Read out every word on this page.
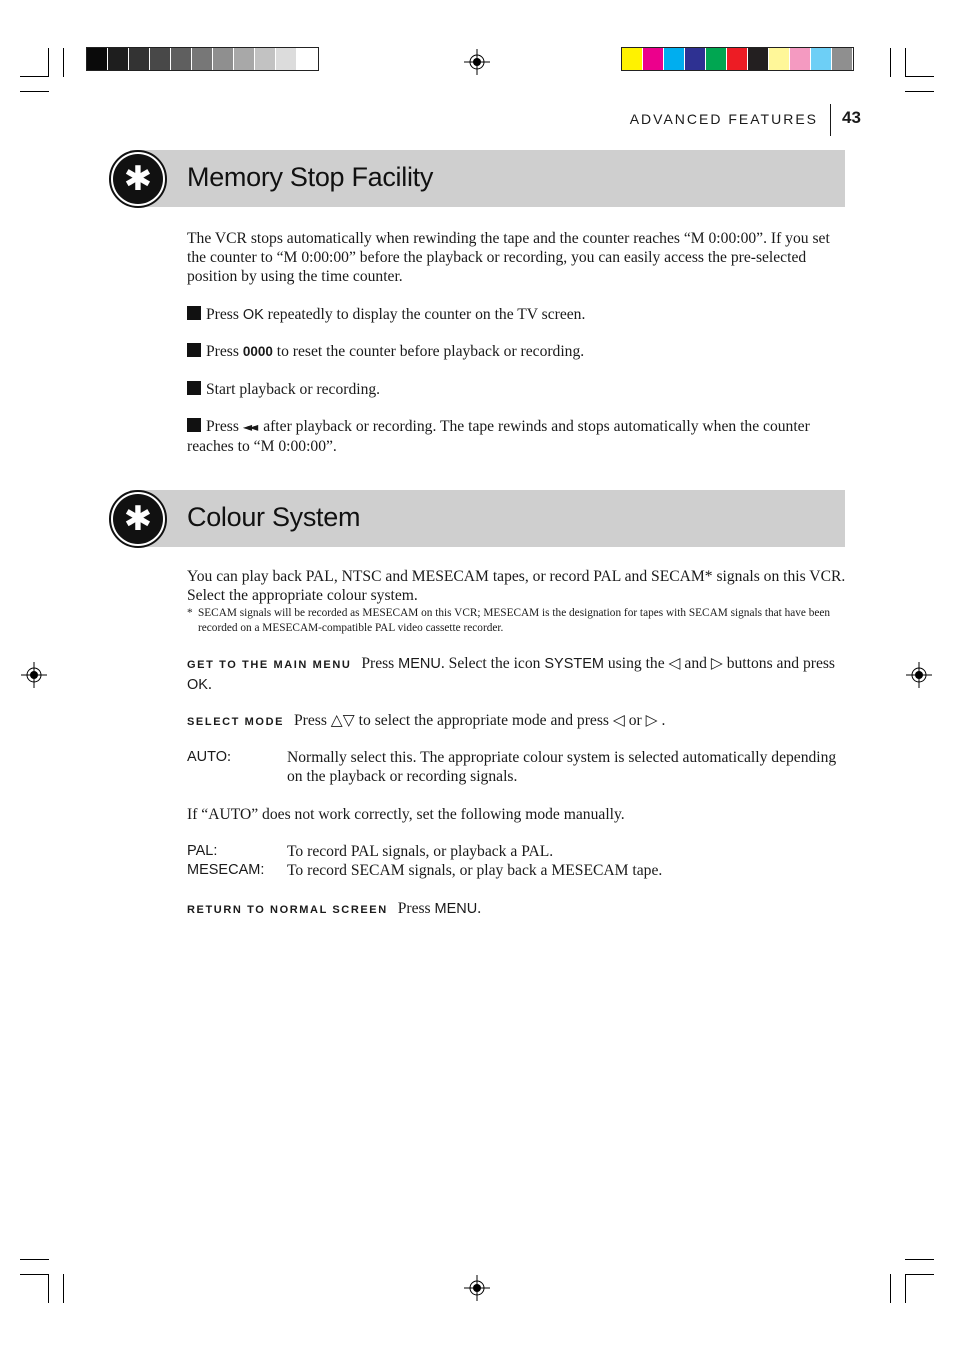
ADVANCED FEATURES 43
Memory Stop Facility
✱
The VCR stops automatically when rewinding the tape and the counter reaches “M 0:00:00”. If you set the counter to “M 0:00:00” before the playback or recording, you can easily access the pre-selected position by using the time counter.
Press OK repeatedly to display the counter on the TV screen.
Press 0000 to reset the counter before playback or recording.
Start playback or recording.
Press ◄◄ after playback or recording. The tape rewinds and stops automatically when the counter reaches to “M 0:00:00”.
Colour System
✱
You can play back PAL, NTSC and MESECAM tapes, or record PAL and SECAM* signals on this VCR. Select the appropriate colour system.
* SECAM signals will be recorded as MESECAM on this VCR; MESECAM is the designation for tapes with SECAM signals that have been recorded on a MESECAM-compatible PAL video cassette recorder.
GET TO THE MAIN MENU Press MENU. Select the icon SYSTEM using the ◁ and ▷ buttons and press OK.
SELECT MODE Press △▽ to select the appropriate mode and press ◁ or ▷ .
AUTO:	Normally select this. The appropriate colour system is selected automatically depending on the playback or recording signals.
If “AUTO” does not work correctly, set the following mode manually.
PAL:	To record PAL signals, or playback a PAL.
MESECAM: To record SECAM signals, or play back a MESECAM tape.
RETURN TO NORMAL SCREEN Press MENU.
